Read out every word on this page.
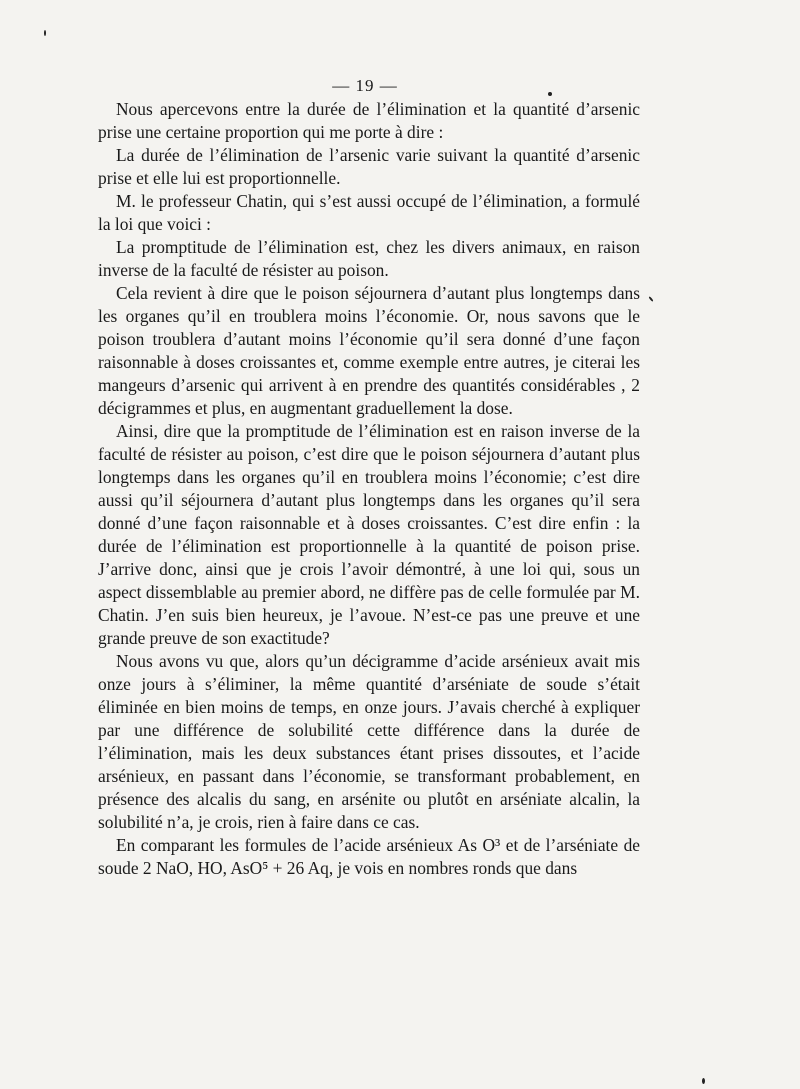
— 19 —

Nous apercevons entre la durée de l’élimination et la quantité d’arsenic prise une certaine proportion qui me porte à dire :

La durée de l’élimination de l’arsenic varie suivant la quantité d’arsenic prise et elle lui est proportionnelle.

M. le professeur Chatin, qui s’est aussi occupé de l’élimination, a formulé la loi que voici :

La promptitude de l’élimination est, chez les divers animaux, en raison inverse de la faculté de résister au poison.

Cela revient à dire que le poison séjournera d’autant plus longtemps dans les organes qu’il en troublera moins l’économie. Or, nous savons que le poison troublera d’autant moins l’économie qu’il sera donné d’une façon raisonnable à doses croissantes et, comme exemple entre autres, je citerai les mangeurs d’arsenic qui arrivent à en prendre des quantités considérables , 2 décigrammes et plus, en augmentant graduellement la dose.

Ainsi, dire que la promptitude de l’élimination est en raison inverse de la faculté de résister au poison, c’est dire que le poison séjournera d’autant plus longtemps dans les organes qu’il en troublera moins l’économie; c’est dire aussi qu’il séjournera d’autant plus longtemps dans les organes qu’il sera donné d’une façon raisonnable et à doses croissantes. C’est dire enfin : la durée de l’élimination est proportionnelle à la quantité de poison prise. J’arrive donc, ainsi que je crois l’avoir démontré, à une loi qui, sous un aspect dissemblable au premier abord, ne diffère pas de celle formulée par M. Chatin. J’en suis bien heureux, je l’avoue. N’est-ce pas une preuve et une grande preuve de son exactitude?

Nous avons vu que, alors qu’un décigramme d’acide arsénieux avait mis onze jours à s’éliminer, la même quantité d’arséniate de soude s’était éliminée en bien moins de temps, en onze jours. J’avais cherché à expliquer par une différence de solubilité cette différence dans la durée de l’élimination, mais les deux substances étant prises dissoutes, et l’acide arsénieux, en passant dans l’économie, se transformant probablement, en présence des alcalis du sang, en arsénite ou plutôt en arséniate alcalin, la solubilité n’a, je crois, rien à faire dans ce cas.

En comparant les formules de l’acide arsénieux As O³ et de l’arséniate de soude 2 NaO, HO, AsO⁵ + 26 Aq, je vois en nombres ronds que dans
